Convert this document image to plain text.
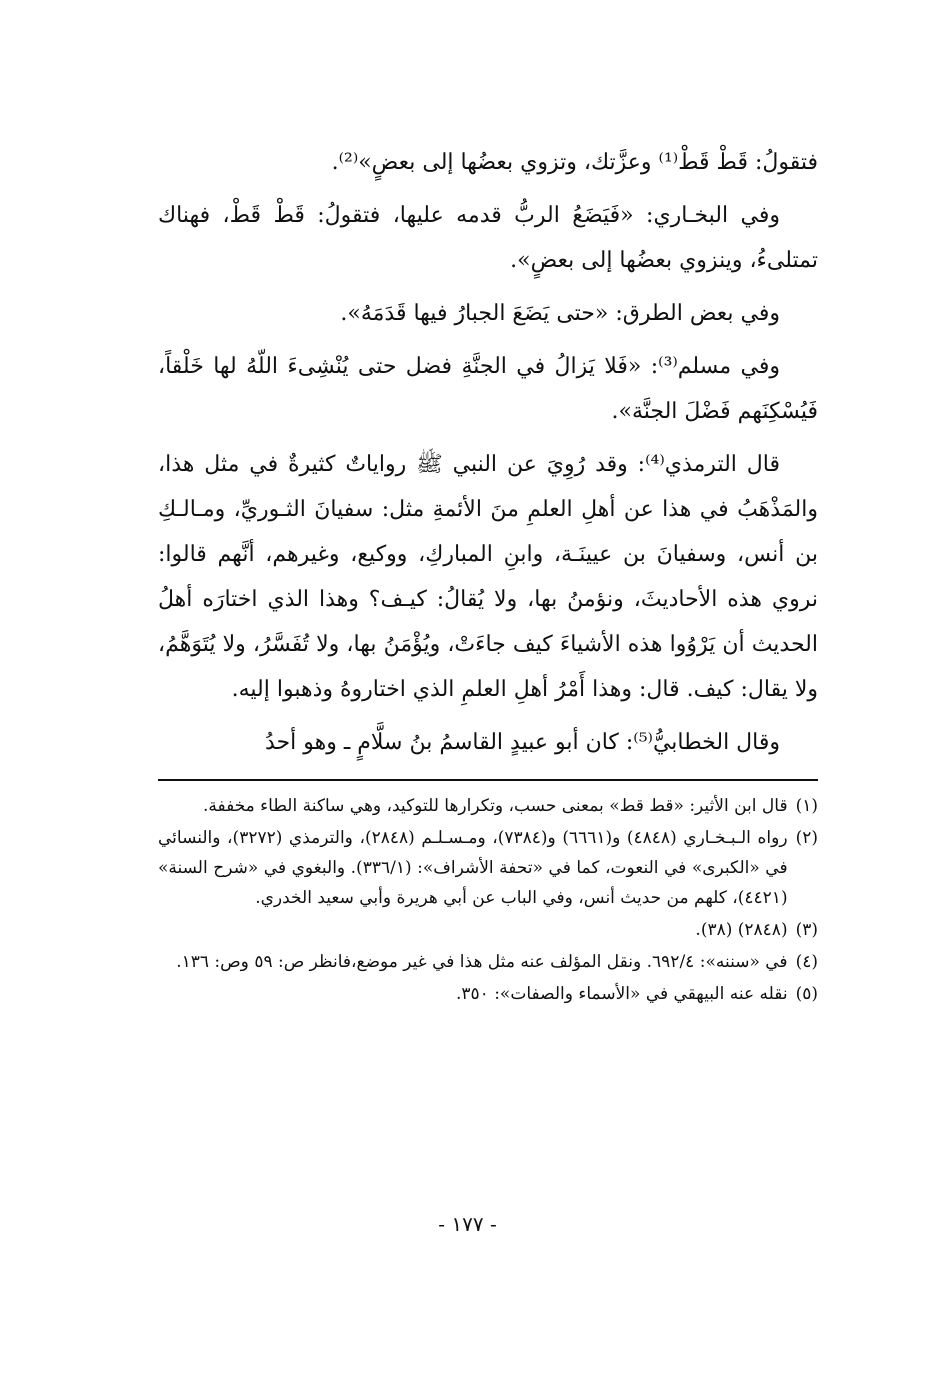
فتقولُ: قَطْ قَطْ⁽¹⁾ وعزَّتك، وتزوي بعضُها إلى بعضٍ»⁽²⁾.

وفي البخـاري: «فَيَضَعُ الربُّ قدمه عليها، فتقولُ: قَطْ قَطْ، فهناك تمتلىءُ، وينزوي بعضُها إلى بعضٍ».

وفي بعض الطرق: «حتى يَضَعَ الجبارُ فيها قَدَمَهُ».

وفي مسلم⁽³⁾: «فَلا يَزالُ في الجنَّةِ فضل حتى يُنْشِىءَ اللّهُ لها خَلْقاً، فَيُسْكِنَهم فَضْلَ الجنَّة».

قال الترمذي⁽⁴⁾: وقد رُوِيَ عن النبي ﷺ رواياتٌ كثيرةٌ في مثل هذا، والمَذْهَبُ في هذا عن أهلِ العلمِ منَ الأئمةِ مثل: سفيانَ الثـوريِّ، ومـالـكِ بن أنس، وسفيانَ بن عيينَـة، وابنِ المباركِ، ووكيع، وغيرهم، أنَّهم قالوا: نروي هذه الأحاديثَ، ونؤمنُ بها، ولا يُقالُ: كيـف؟ وهذا الذي اختارَه أهلُ الحديث أن يَرْوُوا هذه الأشياءَ كيف جاءَتْ، ويُؤْمَنُ بها، ولا تُفَسَّرُ، ولا يُتَوَهَّمُ، ولا يقال: كيف. قال: وهذا أَمْرُ أهلِ العلمِ الذي اختاروهُ وذهبوا إليه.

وقال الخطابيُّ⁽⁵⁾: كان أبو عبيدٍ القاسمُ بنُ سلَّامٍ ـ وهو أحدُ

(١)
قال ابن الأثير: «قط قط» بمعنى حسب، وتكرارها للتوكيد، وهي ساكنة الطاء مخففة.
(٢)
رواه الـبـخـاري (٤٨٤٨) و(٦٦٦١) و(٧٣٨٤)، ومـسـلـم (٢٨٤٨)، والترمذي (٣٢٧٢)، والنسائي في «الكبرى» في النعوت، كما في «تحفة الأشراف»: (٣٣٦/١). والبغوي في «شرح السنة» (٤٤٢١)، كلهم من حديث أنس، وفي الباب عن أبي هريرة وأبي سعيد الخدري.
(٣)
(٢٨٤٨) (٣٨).
(٤)
في «سننه»: ٦٩٢/٤. ونقل المؤلف عنه مثل هذا في غير موضع،فانظر ص: ٥٩ وص: ١٣٦.
(٥)
نقله عنه البيهقي في «الأسماء والصفات»: ٣٥٠.
- ١٧٧ -
